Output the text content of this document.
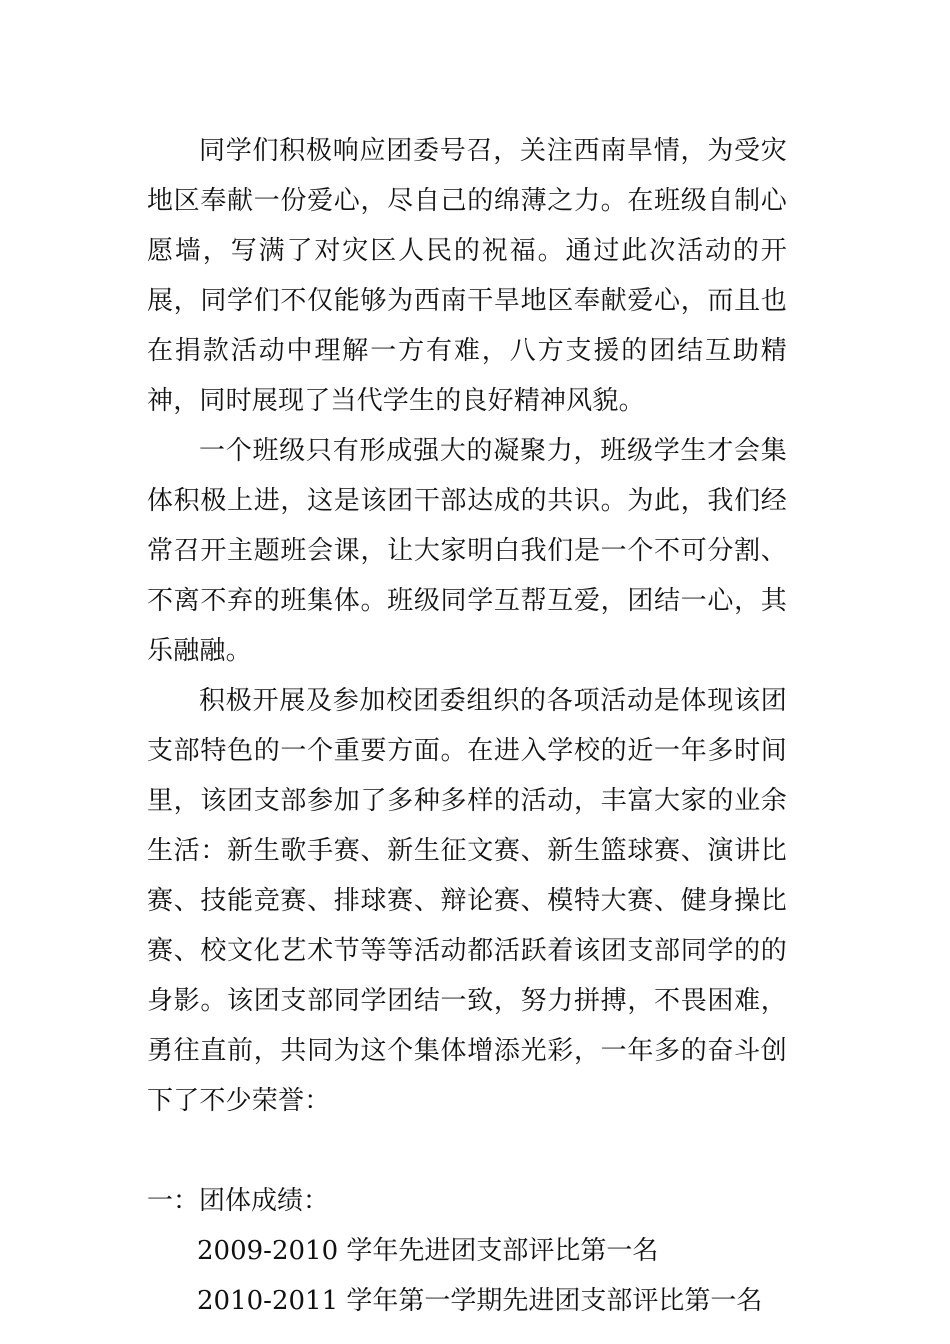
同学们积极响应团委号召，关注西南旱情，为受灾地区奉献一份爱心，尽自己的绵薄之力。在班级自制心愿墙，写满了对灾区人民的祝福。通过此次活动的开展，同学们不仅能够为西南干旱地区奉献爱心，而且也在捐款活动中理解一方有难，八方支援的团结互助精神，同时展现了当代学生的良好精神风貌。

一个班级只有形成强大的凝聚力，班级学生才会集体积极上进，这是该团干部达成的共识。为此，我们经常召开主题班会课，让大家明白我们是一个不可分割、不离不弃的班集体。班级同学互帮互爱，团结一心，其乐融融。

积极开展及参加校团委组织的各项活动是体现该团支部特色的一个重要方面。在进入学校的近一年多时间里，该团支部参加了多种多样的活动，丰富大家的业余生活：新生歌手赛、新生征文赛、新生篮球赛、演讲比赛、技能竞赛、排球赛、辩论赛、模特大赛、健身操比赛、校文化艺术节等等活动都活跃着该团支部同学的的身影。该团支部同学团结一致，努力拼搏，不畏困难，勇往直前，共同为这个集体增添光彩，一年多的奋斗创下了不少荣誉：

一：团体成绩：

2009-2010 学年先进团支部评比第一名

2010-2011 学年第一学期先进团支部评比第一名
